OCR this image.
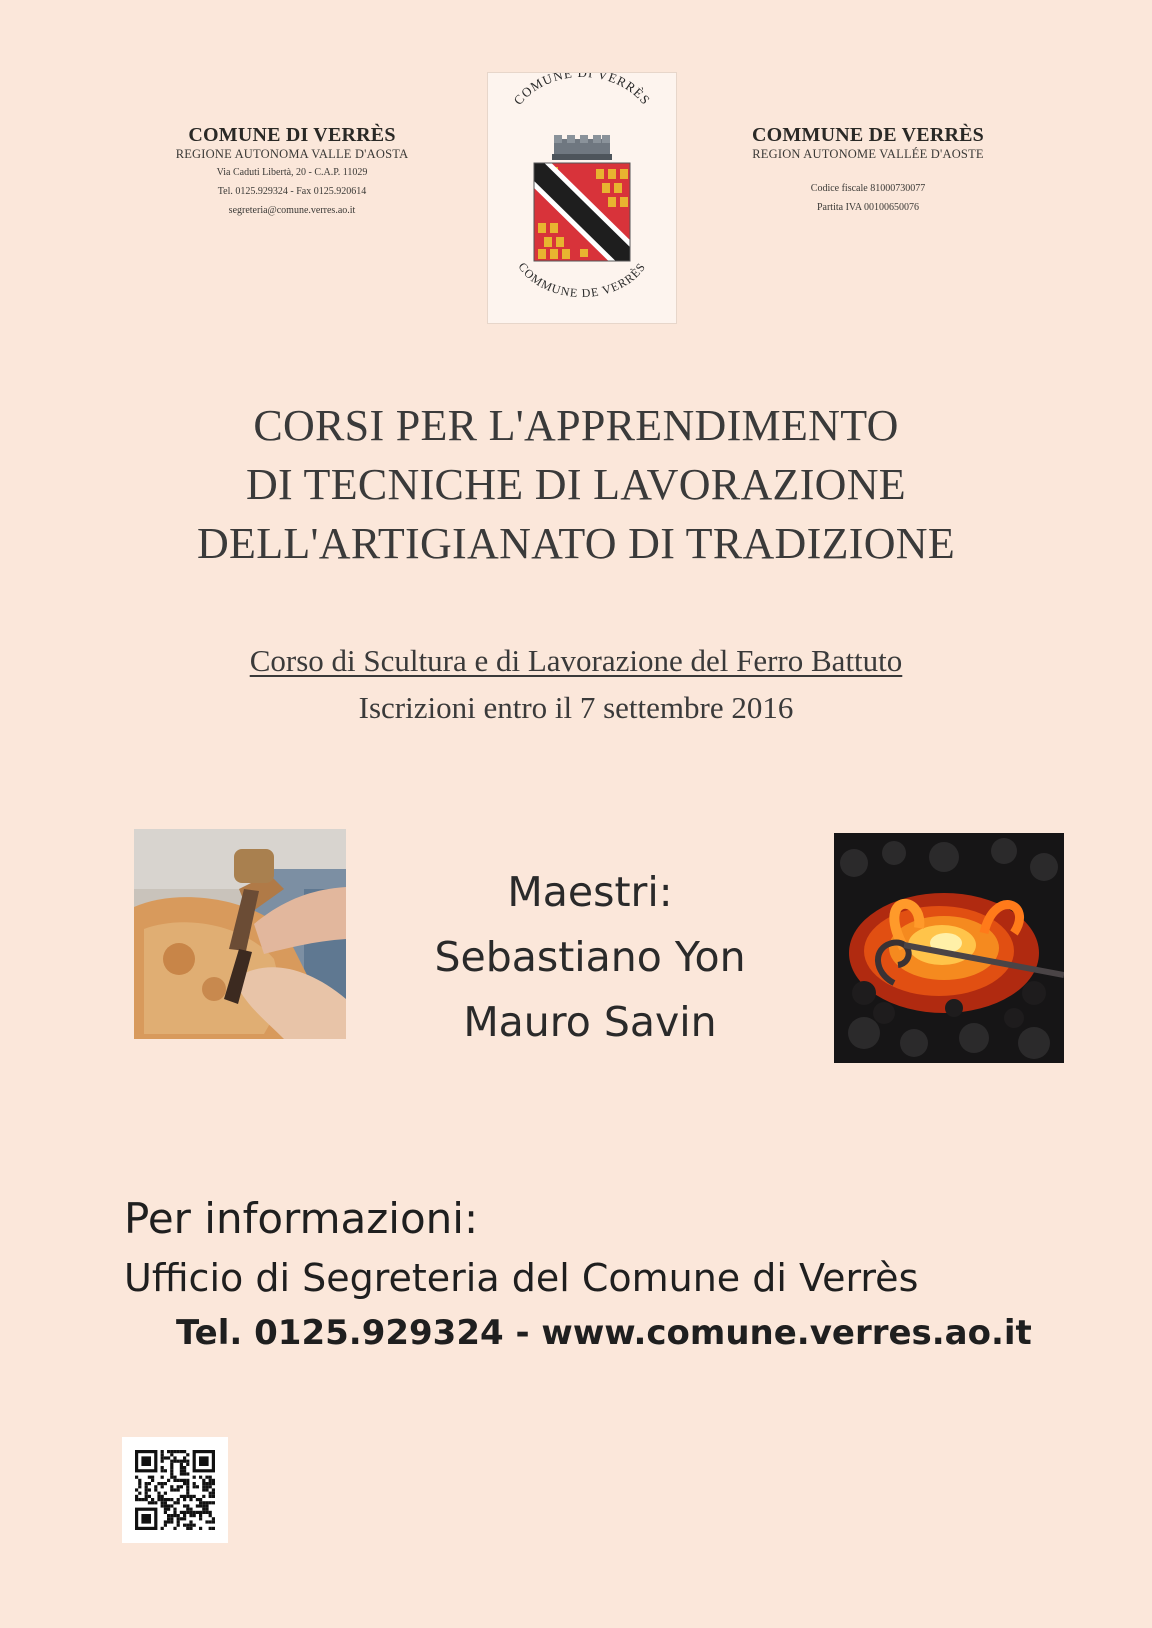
COMUNE DI VERRÈS
REGIONE AUTONOMA VALLE D'AOSTA
Via Caduti Libertà, 20 - C.A.P. 11029
Tel. 0125.929324 - Fax 0125.920614
segreteria@comune.verres.ao.it
COMUNE VERRÈS
COMMUNE DE VERRÈS
COMMUNE DE VERRÈS
REGION AUTONOME VALLÉE D'AOSTE
Codice fiscale 81000730077
Partita IVA 00100650076
CORSI PER L'APPRENDIMENTO
DI TECNICHE DI LAVORAZIONE
DELL'ARTIGIANATO DI TRADIZIONE
Corso di Scultura e di Lavorazione del Ferro Battuto
Iscrizioni entro il 7 settembre 2016
Maestri:
Sebastiano Yon
Mauro Savin
Per informazioni:
Ufficio di Segreteria del Comune di Verrès
Tel. 0125.929324 - www.comune.verres.ao.it
